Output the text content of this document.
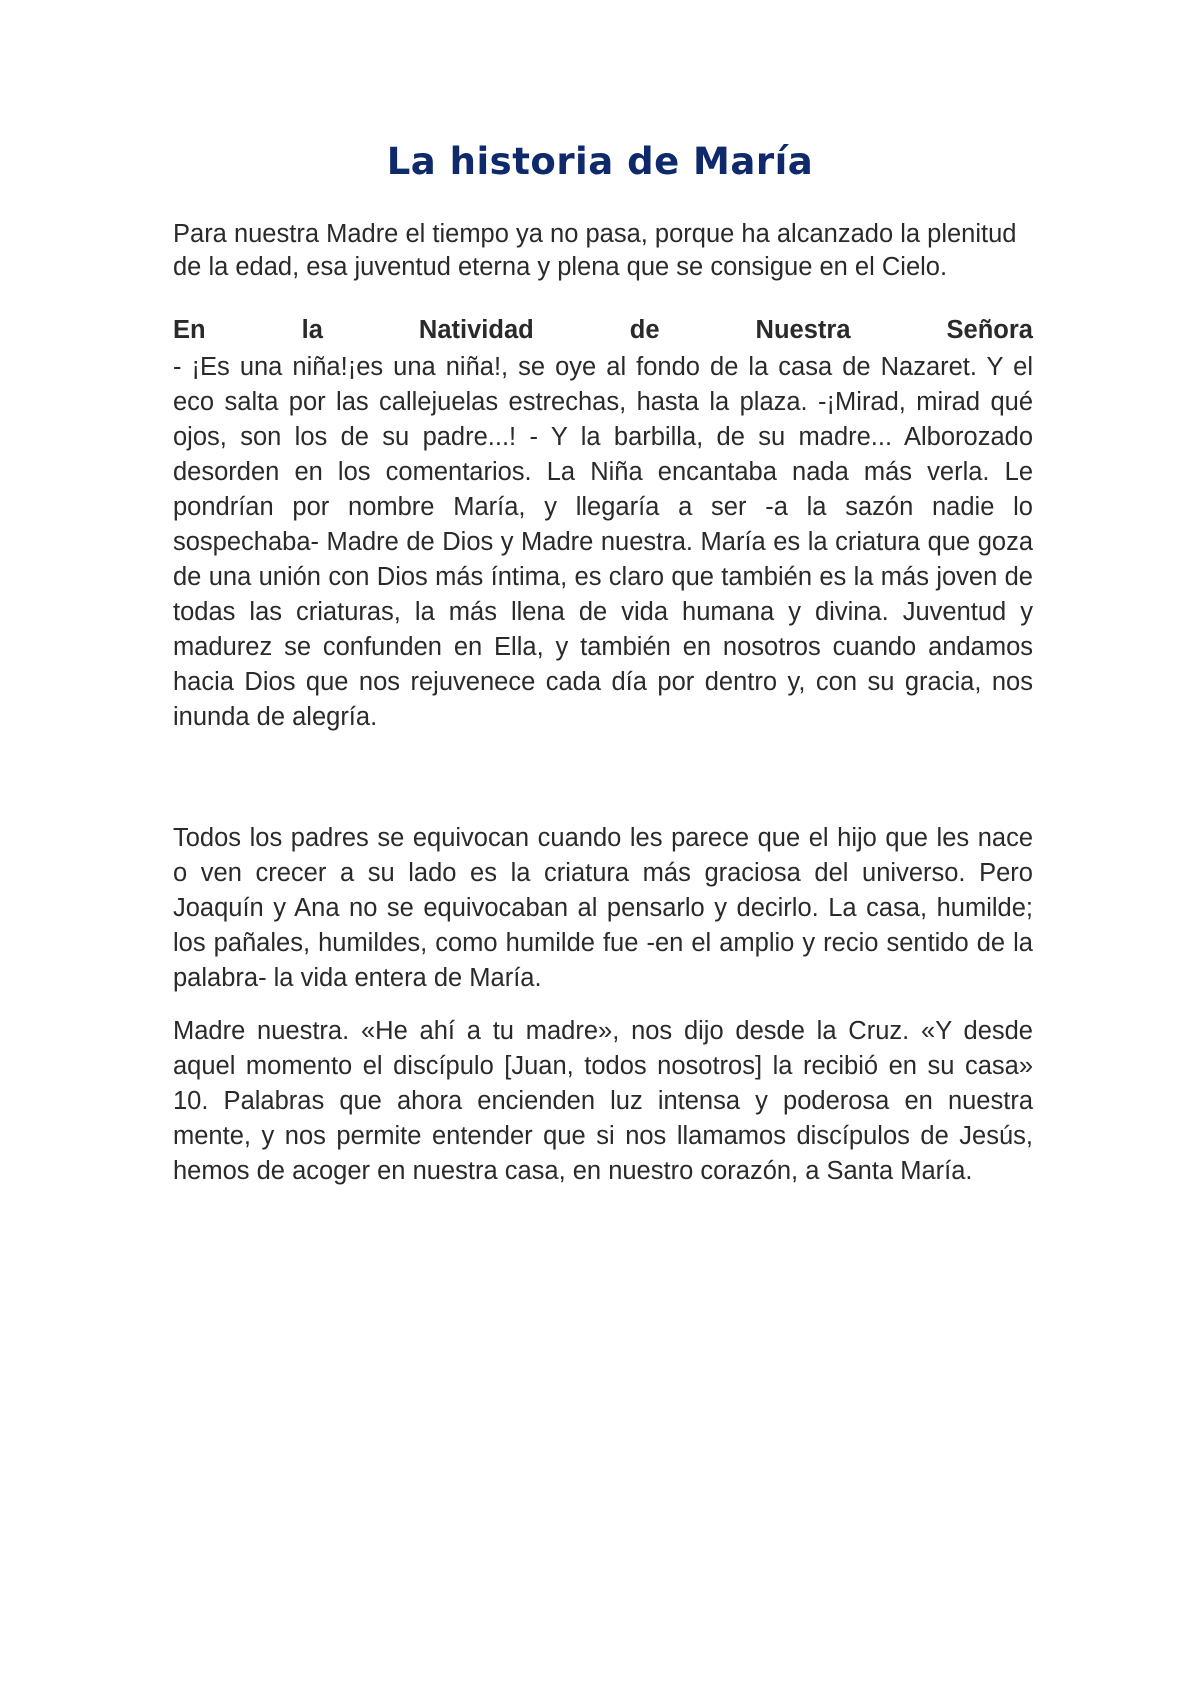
La historia de María

Para nuestra Madre el tiempo ya no pasa, porque ha alcanzado la plenitud de la edad, esa juventud eterna y plena que se consigue en el Cielo.

En la Natividad de Nuestra Señora

- ¡Es una niña!¡es una niña!, se oye al fondo de la casa de Nazaret. Y el eco salta por las callejuelas estrechas, hasta la plaza. -¡Mirad, mirad qué ojos, son los de su padre...! - Y la barbilla, de su madre... Alborozado desorden en los comentarios. La Niña encantaba nada más verla. Le pondrían por nombre María, y llegaría a ser -a la sazón nadie lo sospechaba- Madre de Dios y Madre nuestra. María es la criatura que goza de una unión con Dios más íntima, es claro que también es la más joven de todas las criaturas, la más llena de vida humana y divina. Juventud y madurez se confunden en Ella, y también en nosotros cuando andamos hacia Dios que nos rejuvenece cada día por dentro y, con su gracia, nos inunda de alegría.

Todos los padres se equivocan cuando les parece que el hijo que les nace o ven crecer a su lado es la criatura más graciosa del universo. Pero Joaquín y Ana no se equivocaban al pensarlo y decirlo. La casa, humilde; los pañales, humildes, como humilde fue -en el amplio y recio sentido de la palabra- la vida entera de María.

Madre nuestra. «He ahí a tu madre», nos dijo desde la Cruz. «Y desde aquel momento el discípulo [Juan, todos nosotros] la recibió en su casa» 10. Palabras que ahora encienden luz intensa y poderosa en nuestra mente, y nos permite entender que si nos llamamos discípulos de Jesús, hemos de acoger en nuestra casa, en nuestro corazón, a Santa María.
